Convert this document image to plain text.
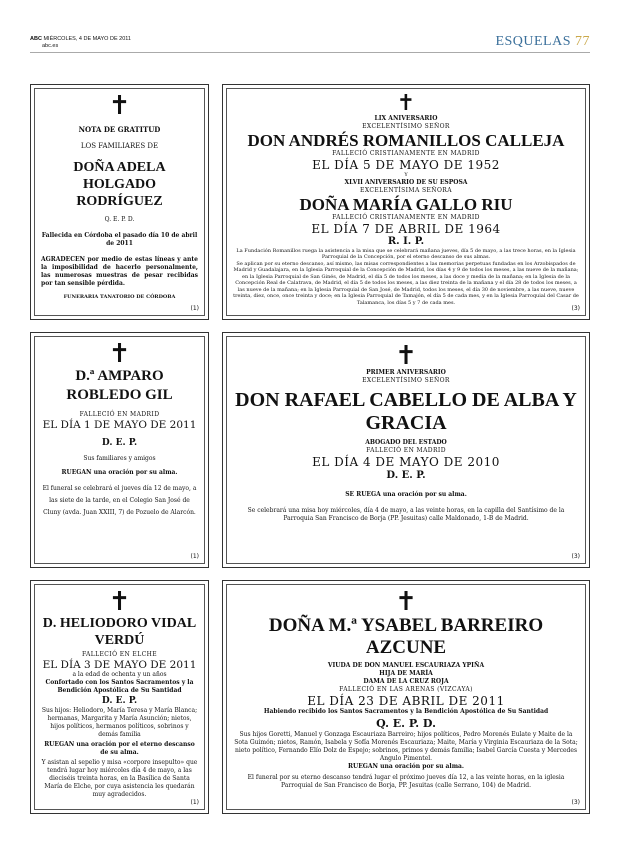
ABC MIÉRCOLES, 4 DE MAYO DE 2011
abc.es	ESQUELAS 77
✝

NOTA DE GRATITUD

LOS FAMILIARES DE

DOÑA ADELA HOLGADO RODRÍGUEZ

Q. E. P. D.

Fallecida en Córdoba el pasado día 10 de abril de 2011

AGRADECEN por medio de estas líneas y ante la imposibilidad de hacerlo personalmente, las numerosas muestras de pesar recibidas por tan sensible pérdida.

FUNERARIA TANATORIO DE CÓRDOBA

(1)
✝

LIX ANIVERSARIO

EXCELENTÍSIMO SEÑOR

DON ANDRÉS ROMANILLOS CALLEJA

FALLECIÓ CRISTIANAMENTE EN MADRID

EL DÍA 5 DE MAYO DE 1952

Y

XLVII ANIVERSARIO DE SU ESPOSA

EXCELENTÍSIMA SEÑORA

DOÑA MARÍA GALLO RIU

FALLECIÓ CRISTIANAMENTE EN MADRID

EL DÍA 7 DE ABRIL DE 1964

R. I. P.

La Fundación Romanillos ruega la asistencia a la misa que se celebrará mañana jueves, día 5 de mayo, a las trece horas, en la Iglesia Parroquial de la Concepción, por el eterno descanso de sus almas.

Se aplican por su eterno descanso, así mismo, las misas correspondientes a las memorias perpetuas fundadas en los Arzobispados de Madrid y Guadalajara, en la Iglesia Parroquial de la Concepción de Madrid, los días 4 y 9 de todos los meses, a las nueve de la mañana; en la Iglesia Parroquial de San Ginés, de Madrid, el día 5 de todos los meses, a las doce y media de la mañana; en la Iglesia de la Concepción Real de Calatrava, de Madrid, el día 5 de todos los meses, a las diez treinta de la mañana y el día 28 de todos los meses, a las nueve de la mañana; en la Iglesia Parroquial de San José, de Madrid, todos los meses, el día 30 de noviembre, a las nueve, nueve treinta, diez, once, once treinta y doce; en la Iglesia Parroquial de Tamajón, el día 5 de cada mes, y en la Iglesia Parroquial del Casar de Talamanca, los días 5 y 7 de cada mes.

(3)
✝

D.ª AMPARO ROBLEDO GIL

FALLECIÓ EN MADRID

EL DÍA 1 DE MAYO DE 2011

D. E. P.

Sus familiares y amigos

RUEGAN una oración por su alma.

El funeral se celebrará el jueves día 12 de mayo, a las siete de la tarde, en el Colegio San José de Cluny (avda. Juan XXIII, 7) de Pozuelo de Alarcón.

(1)
✝

PRIMER ANIVERSARIO

EXCELENTÍSIMO SEÑOR

DON RAFAEL CABELLO DE ALBA Y GRACIA

ABOGADO DEL ESTADO

FALLECIÓ EN MADRID

EL DÍA 4 DE MAYO DE 2010

D. E. P.

SE RUEGA una oración por su alma.

Se celebrará una misa hoy miércoles, día 4 de mayo, a las veinte horas, en la capilla del Santísimo de la Parroquia San Francisco de Borja (PP. Jesuitas) calle Maldonado, 1-B de Madrid.

(3)
✝

D. HELIODORO VIDAL VERDÚ

FALLECIÓ EN ELCHE

EL DÍA 3 DE MAYO DE 2011

a la edad de ochenta y un años

Confortado con los Santos Sacramentos y la Bendición Apostólica de Su Santidad

D. E. P.

Sus hijos: Heliodoro, María Teresa y María Blanca; hermanas, Margarita y María Asunción; nietos, hijos políticos, hermanos políticos, sobrinos y demás familia

RUEGAN una oración por el eterno descanso de su alma.

Y asistan al sepelio y misa «corpore insepulto» que tendrá lugar hoy miércoles día 4 de mayo, a las dieciséis treinta horas, en la Basílica de Santa María de Elche, por cuya asistencia les quedarán muy agradecidos.

(1)
✝

DOÑA M.ª YSABEL BARREIRO AZCUNE

VIUDA DE DON MANUEL ESCAURIAZA YPIÑA

HIJA DE MARÍA

DAMA DE LA CRUZ ROJA

FALLECIÓ EN LAS ARENAS (VIZCAYA)

EL DÍA 23 DE ABRIL DE 2011

Habiendo recibido los Santos Sacramentos y la Bendición Apostólica de Su Santidad

Q. E. P. D.

Sus hijos Goretti, Manuel y Gonzaga Escauriaza Barreiro; hijos políticos, Pedro Morenés Eulate y Maite de la Sota Guimón; nietos, Ramón, Isabela y Sofía Morenés Escauriaza; Maite, María y Virginia Escauriaza de la Sota; nieto político, Fernando Elío Dolz de Espejo; sobrinos, primos y demás familia; Isabel García Cuesta y Mercedes Angulo Pimentel.

RUEGAN una oración por su alma.

El funeral por su eterno descanso tendrá lugar el próximo jueves día 12, a las veinte horas, en la iglesia Parroquial de San Francisco de Borja, PP. Jesuitas (calle Serrano, 104) de Madrid.

(3)
